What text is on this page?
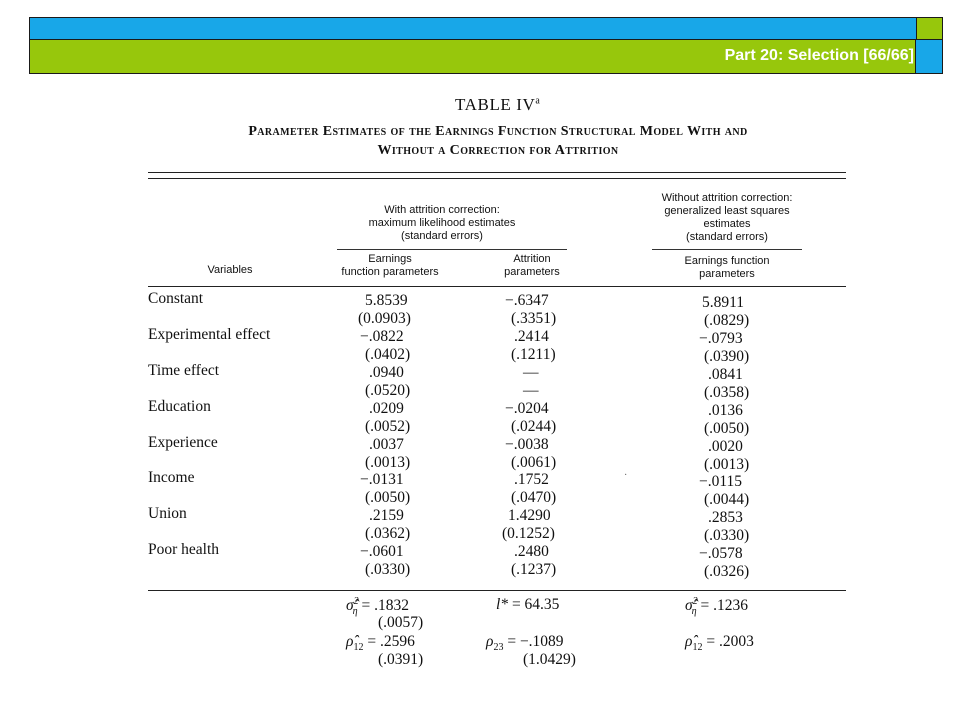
Part 20: Selection [66/66]
TABLE $IV^a$
Parameter Estimates of the Earnings Function Structural Model With and
Without a Correction for Attrition
With attrition correction:
maximum likelihood estimates
(standard errors)
Without attrition correction:
generalized least squares
estimates
(standard errors)
Variables
Earnings
function parameters
Attrition
parameters
Earnings function
parameters
Constant
Experimental effect
Time effect
Education
Experience
Income
Union
Poor health
5.8539
(0.0903)
−.0822
(.0402)
.0940
(.0520)
.0209
(.0052)
.0037
(.0013)
−.0131
(.0050)
.2159
(.0362)
−.0601
(.0330)
−.6347
(.3351)
.2414
(.1211)
—
—
−.0204
(.0244)
−.0038
(.0061)
.1752
(.0470)
1.4290
(0.1252)
.2480
(.1237)
5.8911
(.0829)
−.0793
(.0390)
.0841
(.0358)
.0136
(.0050)
.0020
(.0013)
−.0115
(.0044)
.2853
(.0330)
−.0578
(.0326)
·
σ̂$^2_\eta$ = .1832
(.0057)
$\rhô_{12} = .2596$
(.0391)
l* = 64.35
$\rho_{23} = -.1089$
(1.0429)
σ̂$^2_\eta$ = .1236
$\rhô_{12} = .2003$
